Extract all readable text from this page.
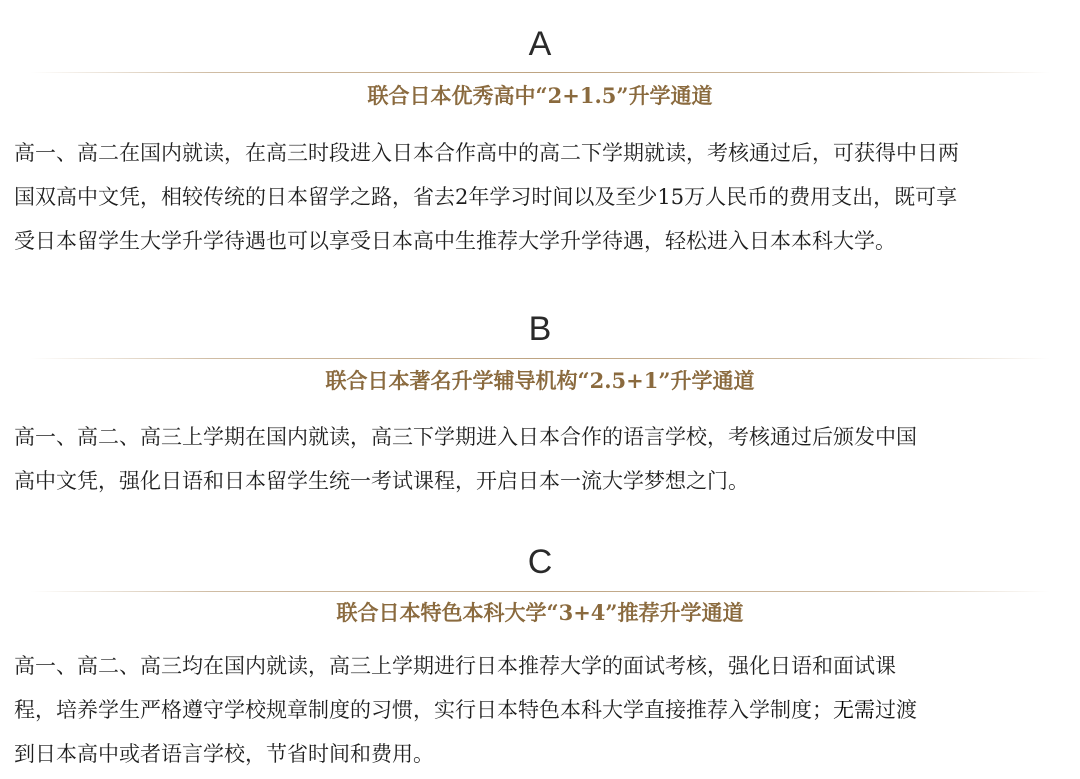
A
联合日本优秀高中“2+1.5”升学通道
高一、高二在国内就读，在高三时段进入日本合作高中的高二下学期就读，考核通过后，可获得中日两
国双高中文凭，相较传统的日本留学之路，省去2年学习时间以及至少15万人民币的费用支出，既可享
受日本留学生大学升学待遇也可以享受日本高中生推荐大学升学待遇，轻松进入日本本科大学。
B
联合日本著名升学辅导机构“2.5+1”升学通道
高一、高二、高三上学期在国内就读，高三下学期进入日本合作的语言学校，考核通过后颁发中国
高中文凭，强化日语和日本留学生统一考试课程，开启日本一流大学梦想之门。
C
联合日本特色本科大学“3+4”推荐升学通道
高一、高二、高三均在国内就读，高三上学期进行日本推荐大学的面试考核，强化日语和面试课
程，培养学生严格遵守学校规章制度的习惯，实行日本特色本科大学直接推荐入学制度；无需过渡
到日本高中或者语言学校，节省时间和费用。
